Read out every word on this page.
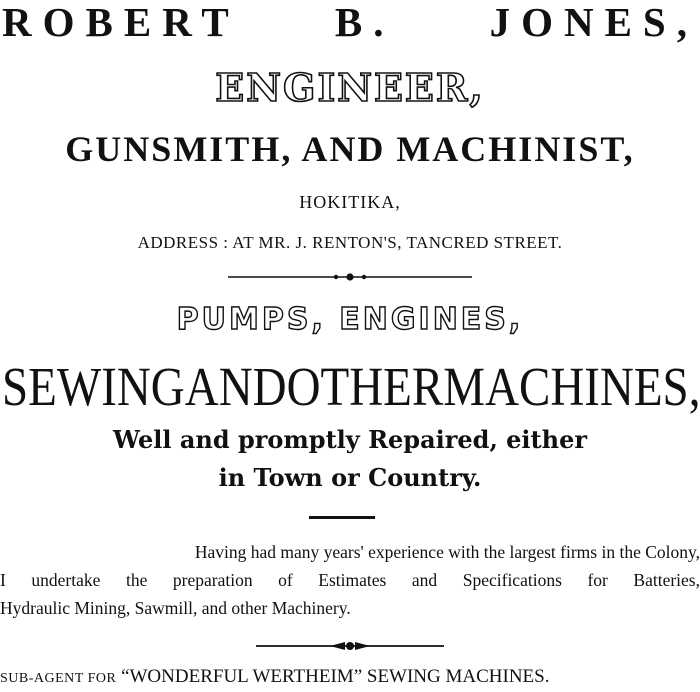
ROBERT B. JONES,
ENGINEER,
GUNSMITH, AND MACHINIST,
HOKITIKA,
ADDRESS : AT MR. J. RENTON'S, TANCRED STREET.
PUMPS, ENGINES,
SEWING AND OTHER MACHINES,
Well and promptly Repaired, either
in Town or Country.
Having had many years' experience with the largest firms in the Colony,
I undertake the preparation of Estimates and Specifications for Batteries,
Hydraulic Mining, Sawmill, and other Machinery.
SUB-AGENT FOR “WONDERFUL WERTHEIM” SEWING MACHINES.
